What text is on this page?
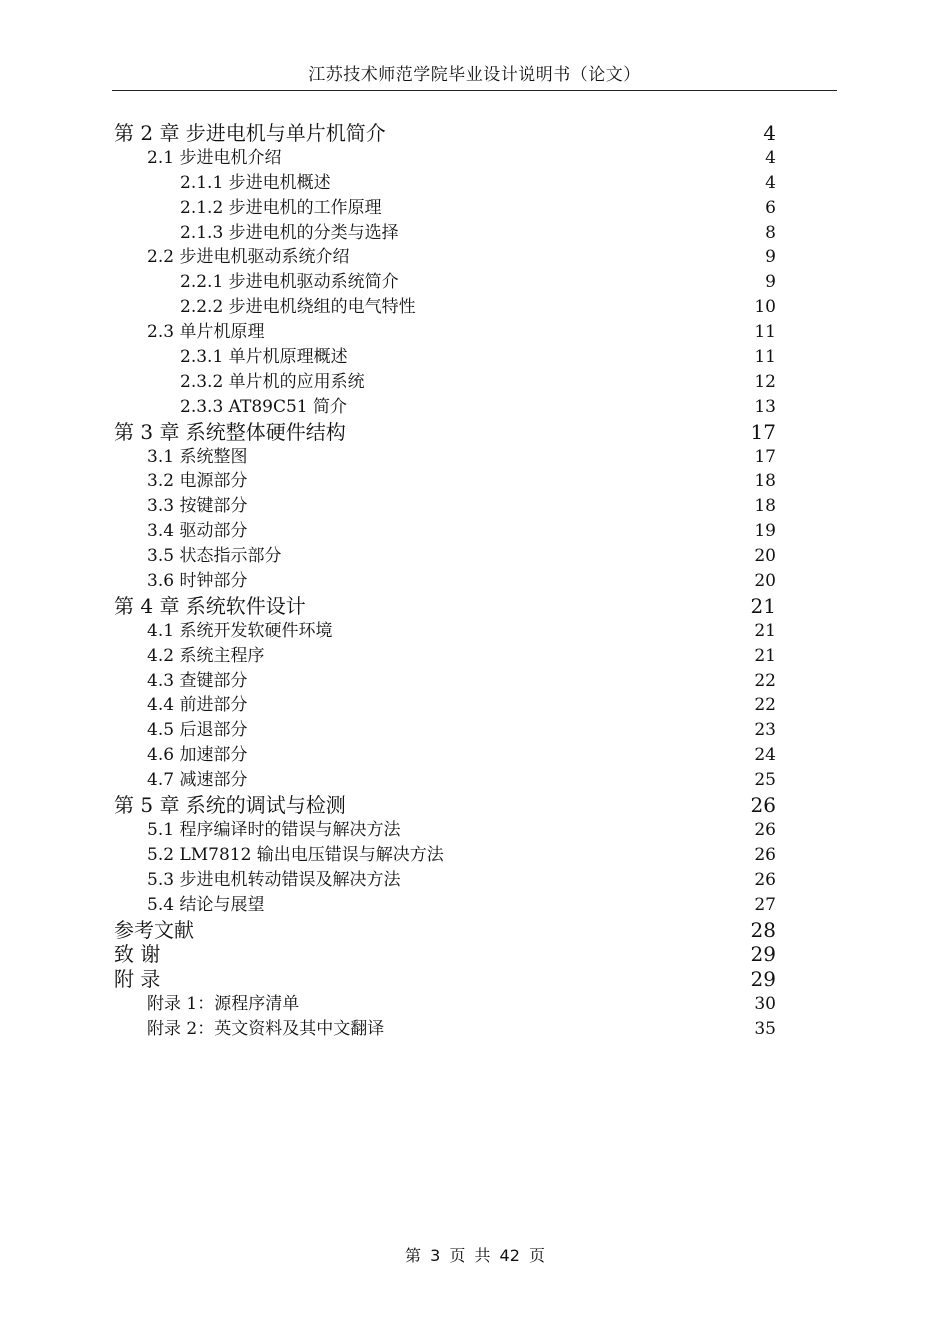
江苏技术师范学院毕业设计说明书（论文）
第 2 章 步进电机与单片机简介	4
2.1 步进电机介绍	4
2.1.1 步进电机概述	4
2.1.2 步进电机的工作原理	6
2.1.3 步进电机的分类与选择	8
2.2 步进电机驱动系统介绍	9
2.2.1 步进电机驱动系统简介	9
2.2.2 步进电机绕组的电气特性	10
2.3 单片机原理	11
2.3.1 单片机原理概述	11
2.3.2 单片机的应用系统	12
2.3.3 AT89C51 简介	13
第 3 章 系统整体硬件结构	17
3.1 系统整图	17
3.2 电源部分	18
3.3 按键部分	18
3.4 驱动部分	19
3.5 状态指示部分	20
3.6 时钟部分	20
第 4 章 系统软件设计	21
4.1 系统开发软硬件环境	21
4.2 系统主程序	21
4.3 查键部分	22
4.4 前进部分	22
4.5 后退部分	23
4.6 加速部分	24
4.7 减速部分	25
第 5 章 系统的调试与检测	26
5.1 程序编译时的错误与解决方法	26
5.2 LM7812 输出电压错误与解决方法	26
5.3 步进电机转动错误及解决方法	26
5.4 结论与展望	27
参考文献	28
致 谢	29
附 录	29
附录 1：源程序清单	30
附录 2：英文资料及其中文翻译	35
第 3 页 共 42 页
